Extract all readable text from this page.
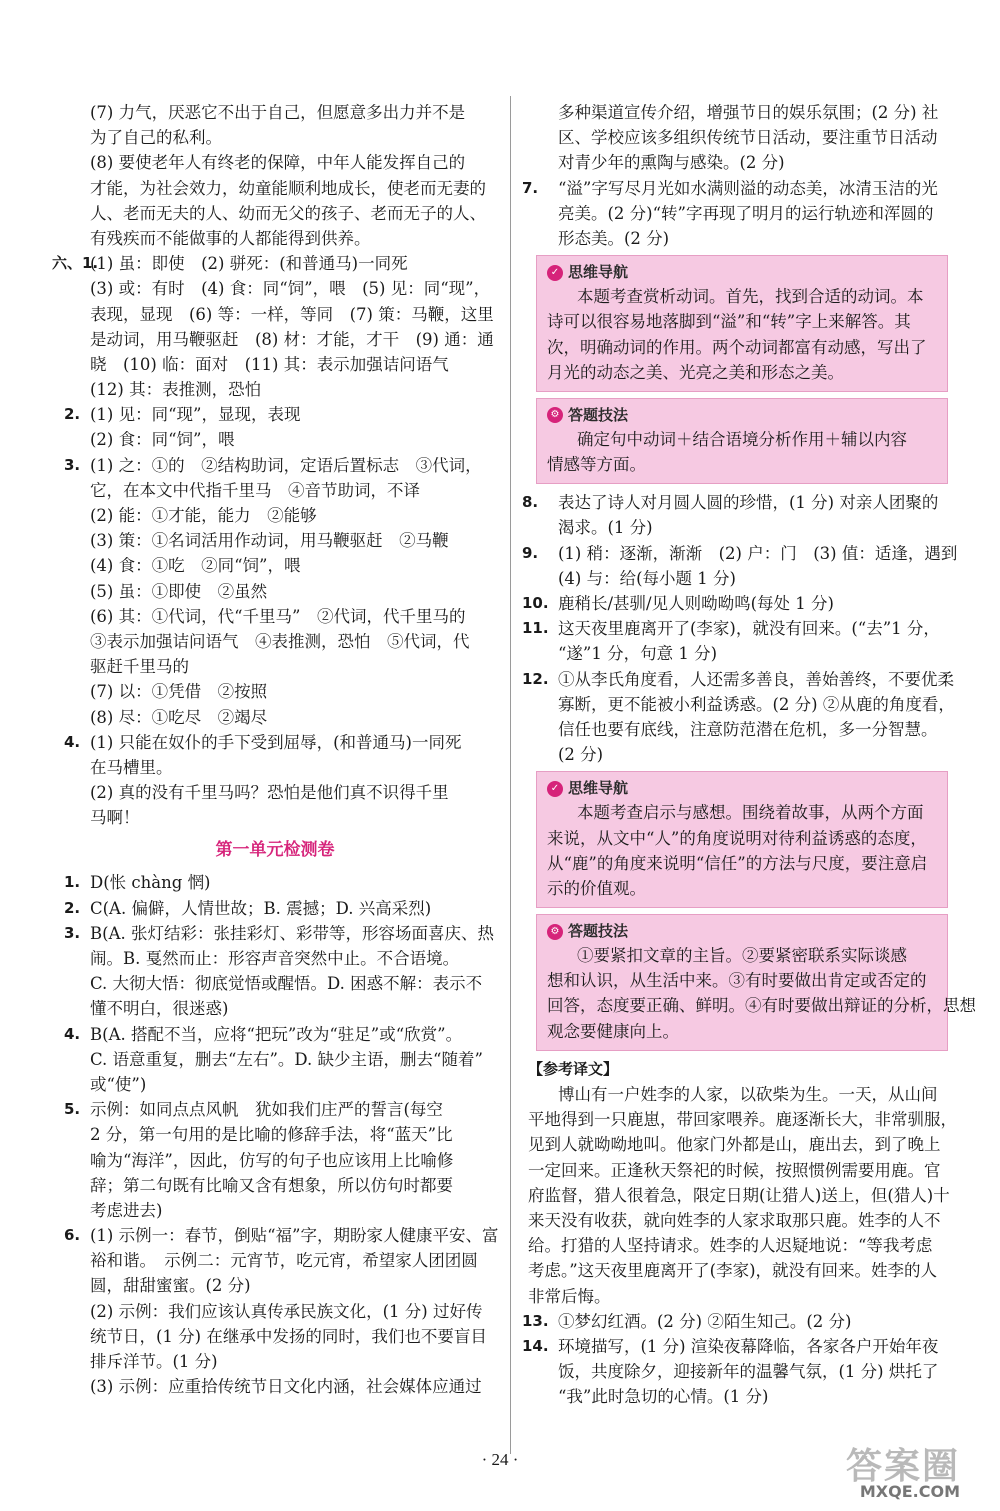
(7) 力气，厌恶它不出于自己，但愿意多出力并不是
为了自己的私利。
(8) 要使老年人有终老的保障，中年人能发挥自己的
才能，为社会效力，幼童能顺利地成长，使老而无妻的
人、老而无夫的人、幼而无父的孩子、老而无子的人、
有残疾而不能做事的人都能得到供养。
六、1.
(1) 虽：即使　(2) 骈死：(和普通马)一同死
(3) 或：有时　(4) 食：同“饲”，喂　(5) 见：同“现”，
表现，显现　(6) 等：一样，等同　(7) 策：马鞭，这里
是动词，用马鞭驱赶　(8) 材：才能，才干　(9) 通：通
晓　(10) 临：面对　(11) 其：表示加强诘问语气
(12) 其：表推测，恐怕
2. (1) 见：同“现”，显现，表现
(2) 食：同“饲”，喂
3. (1) 之：①的　②结构助词，定语后置标志　③代词，
它，在本文中代指千里马　④音节助词，不译
(2) 能：①才能，能力　②能够
(3) 策：①名词活用作动词，用马鞭驱赶　②马鞭
(4) 食：①吃　②同“饲”，喂
(5) 虽：①即使　②虽然
(6) 其：①代词，代“千里马”　②代词，代千里马的
③表示加强诘问语气　④表推测，恐怕　⑤代词，代
驱赶千里马的
(7) 以：①凭借　②按照
(8) 尽：①吃尽　②竭尽
4. (1) 只能在奴仆的手下受到屈辱，(和普通马)一同死
在马槽里。
(2) 真的没有千里马吗？恐怕是他们真不识得千里
马啊！
第一单元检测卷
1. D(怅 chàng 惘)
2. C(A. 偏僻，人情世故；B. 震撼；D. 兴高采烈)
3. B(A. 张灯结彩：张挂彩灯、彩带等，形容场面喜庆、热
闹。B. 戛然而止：形容声音突然中止。不合语境。
C. 大彻大悟：彻底觉悟或醒悟。D. 困惑不解：表示不
懂不明白，很迷惑)
4. B(A. 搭配不当，应将“把玩”改为“驻足”或“欣赏”。
C. 语意重复，删去“左右”。D. 缺少主语，删去“随着”
或“使”)
5. 示例：如同点点风帆　犹如我们庄严的誓言(每空
2 分，第一句用的是比喻的修辞手法，将“蓝天”比
喻为“海洋”，因此，仿写的句子也应该用上比喻修
辞；第二句既有比喻又含有想象，所以仿句时都要
考虑进去)
6. (1) 示例一：春节，倒贴“福”字，期盼家人健康平安、富
裕和谐。　示例二：元宵节，吃元宵，希望家人团团圆
圆，甜甜蜜蜜。(2 分)
(2) 示例：我们应该认真传承民族文化，(1 分) 过好传
统节日，(1 分) 在继承中发扬的同时，我们也不要盲目
排斥洋节。(1 分)
(3) 示例：应重拾传统节日文化内涵，社会媒体应通过
多种渠道宣传介绍，增强节日的娱乐氛围；(2 分) 社
区、学校应该多组织传统节日活动，要注重节日活动
对青少年的熏陶与感染。(2 分)
7. “溢”字写尽月光如水满则溢的动态美，冰清玉洁的光
亮美。(2 分)“转”字再现了明月的运行轨迹和浑圆的
形态美。(2 分)
✓ 思维导航
本题考查赏析动词。首先，找到合适的动词。本
诗可以很容易地落脚到“溢”和“转”字上来解答。其
次，明确动词的作用。两个动词都富有动感，写出了
月光的动态之美、光亮之美和形态之美。
⚙ 答题技法
确定句中动词＋结合语境分析作用＋辅以内容
情感等方面。
8. 表达了诗人对月圆人圆的珍惜，(1 分) 对亲人团聚的
渴求。(1 分)
9. (1) 稍：逐渐，渐渐　(2) 户：门　(3) 值：适逢，遇到
(4) 与：给(每小题 1 分)
10. 鹿稍长/甚驯/见人则呦呦鸣(每处 1 分)
11. 这天夜里鹿离开了(李家)，就没有回来。(“去”1 分，
“遂”1 分，句意 1 分)
12. ①从李氏角度看，人还需多善良，善始善终，不要优柔
寡断，更不能被小利益诱惑。(2 分) ②从鹿的角度看，
信任也要有底线，注意防范潜在危机，多一分智慧。
(2 分)
✓ 思维导航
本题考查启示与感想。围绕着故事，从两个方面
来说，从文中“人”的角度说明对待利益诱惑的态度，
从“鹿”的角度来说明“信任”的方法与尺度，要注意启
示的价值观。
⚙ 答题技法
①要紧扣文章的主旨。②要紧密联系实际谈感
想和认识，从生活中来。③有时要做出肯定或否定的
回答，态度要正确、鲜明。④有时要做出辩证的分析，思想
观念要健康向上。
【参考译文】
博山有一户姓李的人家，以砍柴为生。一天，从山间
平地得到一只鹿崽，带回家喂养。鹿逐渐长大，非常驯服，
见到人就呦呦地叫。他家门外都是山，鹿出去，到了晚上
一定回来。正逢秋天祭祀的时候，按照惯例需要用鹿。官
府监督，猎人很着急，限定日期(让猎人)送上，但(猎人)十
来天没有收获，就向姓李的人家求取那只鹿。姓李的人不
给。打猎的人坚持请求。姓李的人迟疑地说：“等我考虑
考虑。”这天夜里鹿离开了(李家)，就没有回来。姓李的人
非常后悔。
13. ①梦幻红酒。(2 分) ②陌生知己。(2 分)
14. 环境描写，(1 分) 渲染夜幕降临，各家各户开始年夜
饭，共度除夕，迎接新年的温馨气氛，(1 分) 烘托了
“我”此时急切的心情。(1 分)
· 24 ·	答案圈
MXQE.COM
